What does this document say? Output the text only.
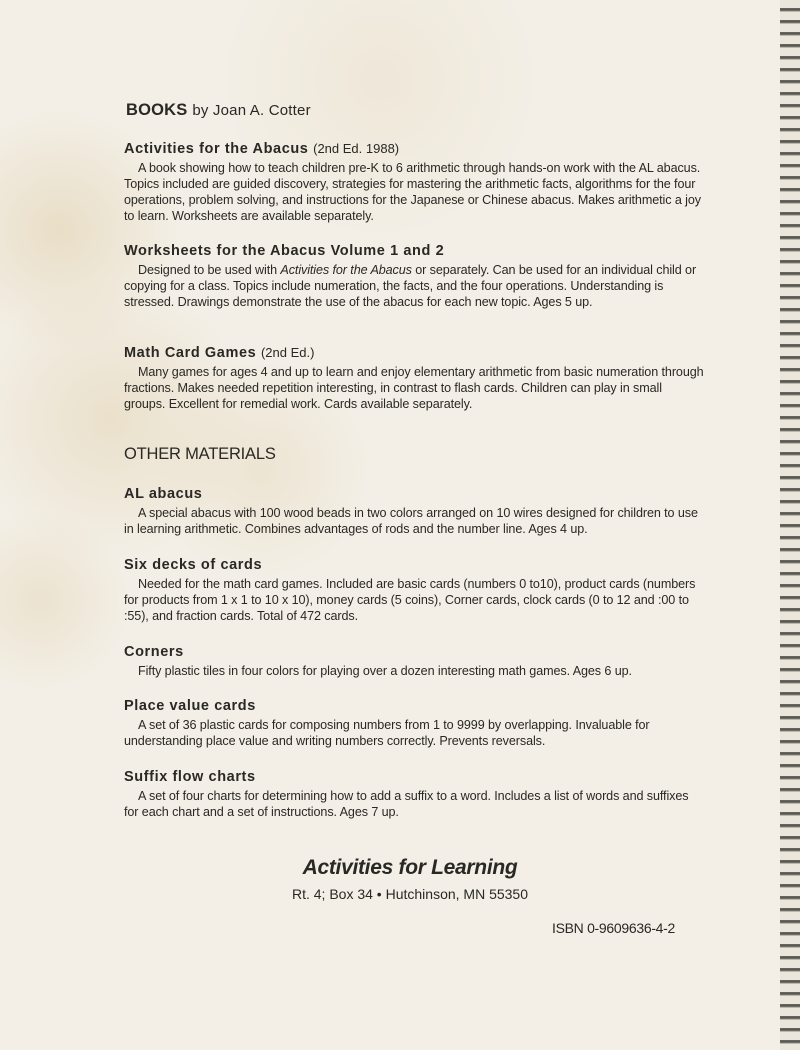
BOOKS by Joan A. Cotter
Activities for the Abacus (2nd Ed. 1988)

A book showing how to teach children pre-K to 6 arithmetic through hands-on work with the AL abacus. Topics included are guided discovery, strategies for mastering the arithmetic facts, algorithms for the four operations, problem solving, and instructions for the Japanese or Chinese abacus. Makes arithmetic a joy to learn. Worksheets are available separately.

Worksheets for the Abacus Volume 1 and 2

Designed to be used with Activities for the Abacus or separately. Can be used for an individual child or copying for a class. Topics include numeration, the facts, and the four operations. Understanding is stressed. Drawings demonstrate the use of the abacus for each new topic. Ages 5 up.

Math Card Games (2nd Ed.)

Many games for ages 4 and up to learn and enjoy elementary arithmetic from basic numeration through fractions. Makes needed repetition interesting, in contrast to flash cards. Children can play in small groups. Excellent for remedial work. Cards available separately.

OTHER MATERIALS
AL abacus

A special abacus with 100 wood beads in two colors arranged on 10 wires designed for children to use in learning arithmetic. Combines advantages of rods and the number line. Ages 4 up.

Six decks of cards

Needed for the math card games. Included are basic cards (numbers 0 to10), product cards (numbers for products from 1 x 1 to 10 x 10), money cards (5 coins), Corner cards, clock cards (0 to 12 and :00 to :55), and fraction cards. Total of 472 cards.

Corners

Fifty plastic tiles in four colors for playing over a dozen interesting math games. Ages 6 up.

Place value cards

A set of 36 plastic cards for composing numbers from 1 to 9999 by overlapping. Invaluable for understanding place value and writing numbers correctly. Prevents reversals.

Suffix flow charts

A set of four charts for determining how to add a suffix to a word. Includes a list of words and suffixes for each chart and a set of instructions. Ages 7 up.

Activities for Learning
Rt. 4; Box 34 • Hutchinson, MN 55350
ISBN 0-9609636-4-2
